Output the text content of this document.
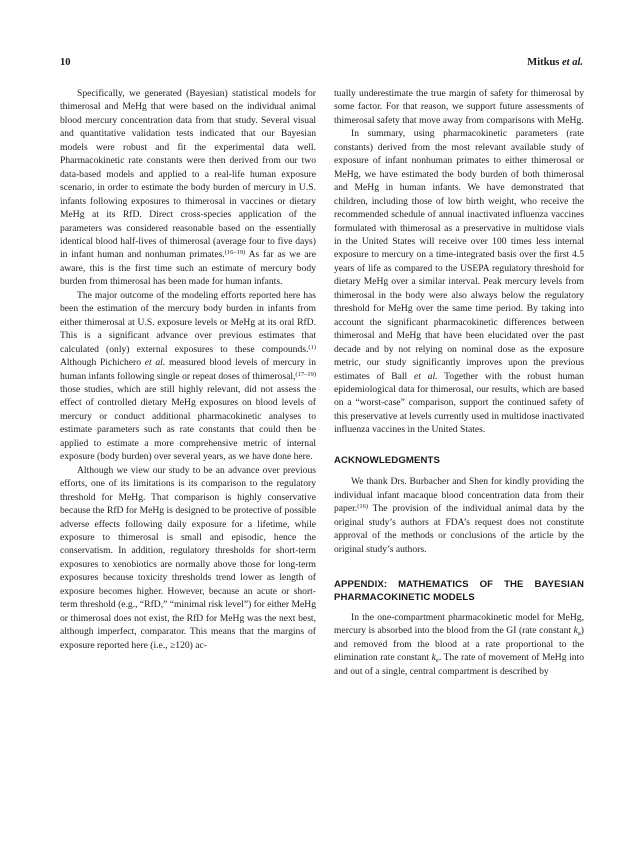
10	Mitkus et al.

Specifically, we generated (Bayesian) statistical models for thimerosal and MeHg that were based on the individual animal blood mercury concentration data from that study. Several visual and quantitative validation tests indicated that our Bayesian models were robust and fit the experimental data well. Pharmacokinetic rate constants were then derived from our two data-based models and applied to a real-life human exposure scenario, in order to estimate the body burden of mercury in U.S. infants following exposures to thimerosal in vaccines or dietary MeHg at its RfD. Direct cross-species application of the parameters was considered reasonable based on the essentially identical blood half-lives of thimerosal (average four to five days) in infant human and nonhuman primates.$^{(16-19)}$ As far as we are aware, this is the first time such an estimate of mercury body burden from thimerosal has been made for human infants.

The major outcome of the modeling efforts reported here has been the estimation of the mercury body burden in infants from either thimerosal at U.S. exposure levels or MeHg at its oral RfD. This is a significant advance over previous estimates that calculated (only) external exposures to these compounds.$^{(1)}$ Although Pichichero et al. measured blood levels of mercury in human infants following single or repeat doses of thimerosal,$^{(17-19)}$ those studies, which are still highly relevant, did not assess the effect of controlled dietary MeHg exposures on blood levels of mercury or conduct additional pharmacokinetic analyses to estimate parameters such as rate constants that could then be applied to estimate a more comprehensive metric of internal exposure (body burden) over several years, as we have done here.

Although we view our study to be an advance over previous efforts, one of its limitations is its comparison to the regulatory threshold for MeHg. That comparison is highly conservative because the RfD for MeHg is designed to be protective of possible adverse effects following daily exposure for a lifetime, while exposure to thimerosal is small and episodic, hence the conservatism. In addition, regulatory thresholds for short-term exposures to xenobiotics are normally above those for long-term exposures because toxicity thresholds trend lower as length of exposure becomes higher. However, because an acute or short-term threshold (e.g., “RfD,” “minimal risk level”) for either MeHg or thimerosal does not exist, the RfD for MeHg was the next best, although imperfect, comparator. This means that the margins of exposure reported here (i.e., ≥120) ac-

tually underestimate the true margin of safety for thimerosal by some factor. For that reason, we support future assessments of thimerosal safety that move away from comparisons with MeHg.

In summary, using pharmacokinetic parameters (rate constants) derived from the most relevant available study of exposure of infant nonhuman primates to either thimerosal or MeHg, we have estimated the body burden of both thimerosal and MeHg in human infants. We have demonstrated that children, including those of low birth weight, who receive the recommended schedule of annual inactivated influenza vaccines formulated with thimerosal as a preservative in multidose vials in the United States will receive over 100 times less internal exposure to mercury on a time-integrated basis over the first 4.5 years of life as compared to the USEPA regulatory threshold for dietary MeHg over a similar interval. Peak mercury levels from thimerosal in the body were also always below the regulatory threshold for MeHg over the same time period. By taking into account the significant pharmacokinetic differences between thimerosal and MeHg that have been elucidated over the past decade and by not relying on nominal dose as the exposure metric, our study significantly improves upon the previous estimates of Ball et al. Together with the robust human epidemiological data for thimerosal, our results, which are based on a “worst-case” comparison, support the continued safety of this preservative at levels currently used in multidose inactivated influenza vaccines in the United States.

ACKNOWLEDGMENTS

We thank Drs. Burbacher and Shen for kindly providing the individual infant macaque blood concentration data from their paper.$^{(16)}$ The provision of the individual animal data by the original study’s authors at FDA’s request does not constitute approval of the methods or conclusions of the article by the original study’s authors.

APPENDIX: MATHEMATICS OF THE BAYESIAN PHARMACOKINETIC MODELS

In the one-compartment pharmacokinetic model for MeHg, mercury is absorbed into the blood from the GI (rate constant $k_a$) and removed from the blood at a rate proportional to the elimination rate constant $k_e$. The rate of movement of MeHg into and out of a single, central compartment is described by
